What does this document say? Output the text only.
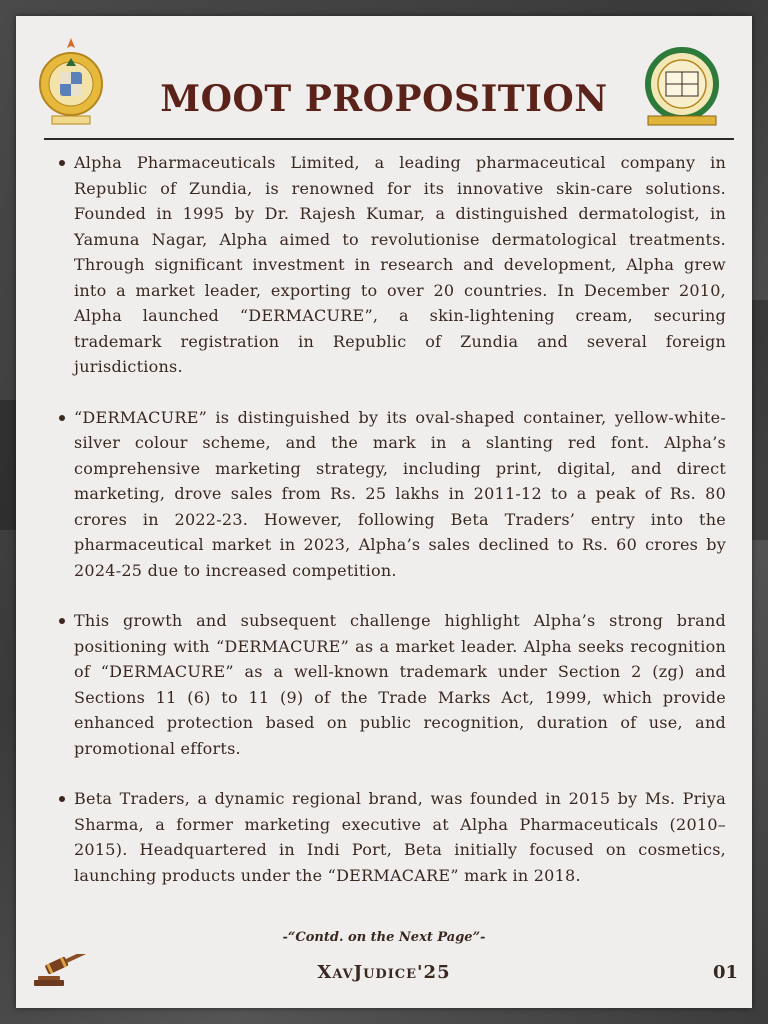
MOOT PROPOSITION
Alpha Pharmaceuticals Limited, a leading pharmaceutical company in Republic of Zundia, is renowned for its innovative skin-care solutions. Founded in 1995 by Dr. Rajesh Kumar, a distinguished dermatologist, in Yamuna Nagar, Alpha aimed to revolutionise dermatological treatments. Through significant investment in research and development, Alpha grew into a market leader, exporting to over 20 countries. In December 2010, Alpha launched “DERMACURE”, a skin-lightening cream, securing trademark registration in Republic of Zundia and several foreign jurisdictions.
“DERMACURE” is distinguished by its oval-shaped container, yellow-white-silver colour scheme, and the mark in a slanting red font. Alpha’s comprehensive marketing strategy, including print, digital, and direct marketing, drove sales from Rs. 25 lakhs in 2011-12 to a peak of Rs. 80 crores in 2022-23. However, following Beta Traders’ entry into the pharmaceutical market in 2023, Alpha’s sales declined to Rs. 60 crores by 2024-25 due to increased competition.
This growth and subsequent challenge highlight Alpha’s strong brand positioning with “DERMACURE” as a market leader. Alpha seeks recognition of “DERMACURE” as a well-known trademark under Section 2 (zg) and Sections 11 (6) to 11 (9) of the Trade Marks Act, 1999, which provide enhanced protection based on public recognition, duration of use, and promotional efforts.
Beta Traders, a dynamic regional brand, was founded in 2015 by Ms. Priya Sharma, a former marketing executive at Alpha Pharmaceuticals (2010–2015). Headquartered in Indi Port, Beta initially focused on cosmetics, launching products under the “DERMACARE” mark in 2018.
-“Contd. on the Next Page”-
XavJudice'25	01
